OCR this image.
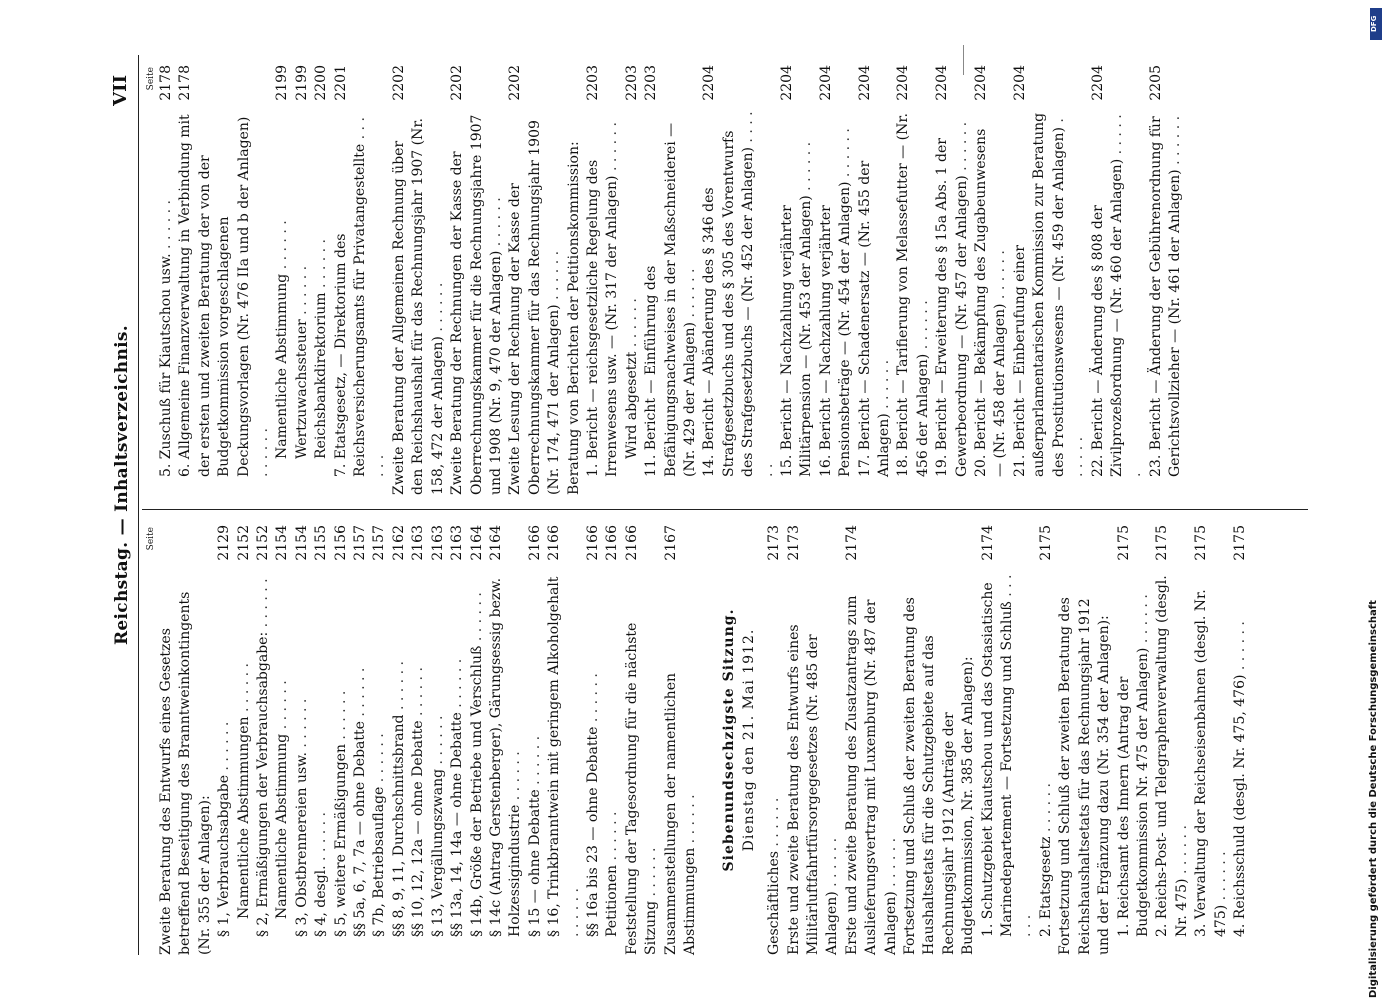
Reichstag. — Inhaltsverzeichnis.
VII
Seite
Zweite Beratung des Entwurfs eines Gesetzes betreffend Beseitigung des Branntweinkontingents (Nr. 355 der Anlagen): § 1, Verbrauchsabgabe . . .
2129
Namentliche Abstimmungen . . .
2152
§ 2, Ermäßigungen der Verbrauchsabgabe: . . .
2152
Namentliche Abstimmung . . .
2154
§ 3, Obstbrennereien usw. . . .
2154
§ 4, desgl. . . .
2155
§ 5, weitere Ermäßigungen . . .
2156
§§ 5a, 6, 7, 7a — ohne Debatte . . .
2157
§ 7b, Betriebsauflage . . .
2157
§§ 8, 9, 11, Durchschnittsbrand . . .
2162
§§ 10, 12, 12a — ohne Debatte . . .
2163
§ 13, Vergällungszwang . . .
2163
§§ 13a, 14, 14a — ohne Debatte . . .
2163
§ 14b, Größe der Betriebe und Verschluß . . .
2164
§ 14c (Antrag Gerstenberger), Gärungsessig bezw. Holzessigindustrie . . .
2164
§ 15 — ohne Debatte . . .
2166
§ 16, Trinkbranntwein mit geringem Alkoholgehalt . . .
2166
§§ 16a bis 23 — ohne Debatte . . .
2166
Petitionen . . .
2166
Feststellung der Tagesordnung für die nächste Sitzung . . .
2166
Zusammenstellungen der namentlichen Abstimmungen . . .
2167
Siebenundsechzigste Sitzung. Dienstag den 21. Mai 1912.
Geschäftliches . . .
2173
Erste und zweite Beratung des Entwurfs eines Militärluftfahrtfürsorgegesetzes (Nr. 485 der Anlagen) . . .
2173
Erste und zweite Beratung des Zusatzantrags zum Auslieferungsvertrag mit Luxemburg (Nr. 487 der Anlagen) . . .
2174
Fortsetzung und Schluß der zweiten Beratung des Haushaltsetats für die Schutzgebiete auf das Rechnungsjahr 1912 (Anträge der Budgetkommission, Nr. 385 der Anlagen): 1. Schutzgebiet Kiautschou und das Ostasiatische Marinedepartement — Fortsetzung und Schluß . . .
2174
2. Etatsgesetz . . .
2175
Fortsetzung und Schluß der zweiten Beratung des Reichshaushaltsetats für das Rechnungsjahr 1912 und der Ergänzung dazu (Nr. 354 der Anlagen): 1. Reichsamt des Innern (Antrag der Budgetkommission Nr. 475 der Anlagen) . . .
2175
2. Reichs-Post- und Telegraphenverwaltung (desgl. Nr. 475) . . .
2175
3. Verwaltung der Reichseisenbahnen (desgl. Nr. 475) . . .
2175
4. Reichsschuld (desgl. Nr. 475, 476) . . .
2175
Seite
5. Zuschuß für Kiautschou usw. . . .
2178
6. Allgemeine Finanzverwaltung in Verbindung mit der ersten und zweiten Beratung der von der Budgetkommission vorgeschlagenen Deckungsvorlagen (Nr. 476 IIa und b der Anlagen) . . .
2178
Namentliche Abstimmung . . .
2199
Wertzuwachssteuer . . .
2199
Reichsbankdirektorium . . .
2200
7. Etatsgesetz, — Direktorium des Reichsversicherungsamts für Privatangestellte . . .
2201
Zweite Beratung der Allgemeinen Rechnung über den Reichshaushalt für das Rechnungsjahr 1907 (Nr. 158, 472 der Anlagen) . . .
2202
Zweite Beratung der Rechnungen der Kasse der Oberrechnungskammer für die Rechnungsjahre 1907 und 1908 (Nr. 9, 470 der Anlagen) . . .
2202
Zweite Lesung der Rechnung der Kasse der Oberrechnungskammer für das Rechnungsjahr 1909 (Nr. 174, 471 der Anlagen) . . .
2202
Beratung von Berichten der Petitionskommission: 1. Bericht — reichsgesetzliche Regelung des Irrenwesens usw. — (Nr. 317 der Anlagen) . . .
2203
Wird abgesetzt . . .
2203
11. Bericht — Einführung des Befähigungsnachweises in der Maßschneiderei — (Nr. 429 der Anlagen) . . .
2203
14. Bericht — Abänderung des § 346 des Strafgesetzbuchs und des § 305 des Vorentwurfs des Strafgesetzbuchs — (Nr. 452 der Anlagen) . . .
2204
15. Bericht — Nachzahlung verjährter Militärpension — (Nr. 453 der Anlagen) . . .
2204
16. Bericht — Nachzahlung verjährter Pensionsbeträge — (Nr. 454 der Anlagen) . . .
2204
17. Bericht — Schadenersatz — (Nr. 455 der Anlagen) . . .
2204
18. Bericht — Tarifierung von Melassefutter — (Nr. 456 der Anlagen) . . .
2204
19. Bericht — Erweiterung des § 15a Abs. 1 der Gewerbeordnung — (Nr. 457 der Anlagen) . . .
2204
20. Bericht — Bekämpfung des Zugabeunwesens — (Nr. 458 der Anlagen) . . .
2204
21. Bericht — Einberufung einer außerparlamentarischen Kommission zur Beratung des Prostitutionswesens — (Nr. 459 der Anlagen) . . .
2204
22. Bericht — Änderung des § 808 der Zivilprozeßordnung — (Nr. 460 der Anlagen) . . .
2204
23. Bericht — Änderung der Gebührenordnung für Gerichtsvollzieher — (Nr. 461 der Anlagen) . . .
2205
DFG
Digitalisierung gefördert durch die Deutsche Forschungsgemeinschaft
